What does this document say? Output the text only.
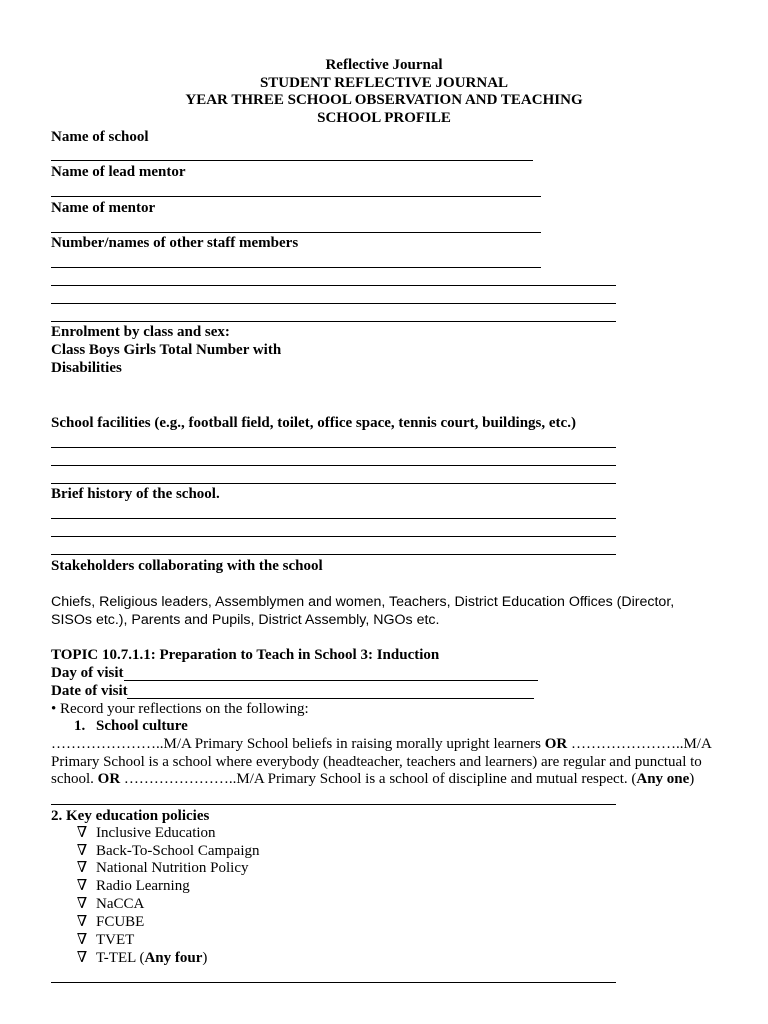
Reflective Journal
STUDENT REFLECTIVE JOURNAL
YEAR THREE SCHOOL OBSERVATION AND TEACHING
SCHOOL PROFILE
Name of school
Name of lead mentor
Name of mentor
Number/names of other staff members
Enrolment by class and sex:
Class Boys Girls Total Number with
Disabilities
School facilities (e.g., football field, toilet, office space, tennis court, buildings, etc.)
Brief history of the school.
Stakeholders collaborating with the school
Chiefs, Religious leaders, Assemblymen and women, Teachers, District Education Offices (Director, SISOs etc.), Parents and Pupils, District Assembly, NGOs etc.
TOPIC 10.7.1.1: Preparation to Teach in School 3: Induction
Day of visit
Date of visit
• Record your reflections on the following:
1. School culture
…………………..M/A Primary School beliefs in raising morally upright learners OR …………………..M/A Primary School is a school where everybody (headteacher, teachers and learners) are regular and punctual to school. OR …………………..M/A Primary School is a school of discipline and mutual respect. (Any one)
2. Key education policies
∇ Inclusive Education
∇ Back-To-School Campaign
∇ National Nutrition Policy
∇ Radio Learning
∇ NaCCA
∇ FCUBE
∇ TVET
∇ T-TEL (Any four)
